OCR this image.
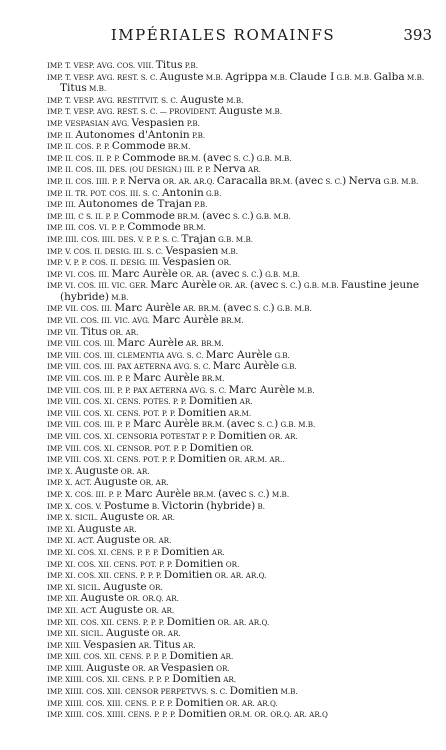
IMPÉRIALES ROMAINFS	393
IMP. T. VESP. AVG. COS. VIII. Titus P.B.
IMP. T. VESP. AVG. REST. S. C. Auguste M.B. Agrippa M.B. Claude I G.B. M.B. Galba M.B. Titus M.B.
IMP. T. VESP. AVG. RESTITVIT. S. C. Auguste M.B.
IMP. T. VESP. AVG. REST. S. C. — PROVIDENT. Auguste M.B.
IMP. VESPASIAN AVG. Vespasien P.B.
IMP. II. Autonomes d'Antonin P.B.
IMP. II. COS. P. P. Commode BR.M.
IMP. II. COS. II. P. P. Commode BR.M. (avec S. C.) G.B. M.B.
IMP. II. COS. III. DES. (OU DESIGN.) III. P. P. Nerva AR.
IMP. II. COS. IIII. P. P. Nerva OR. AR. AR.Q. Caracalla BR.M. (avec S. C.) Nerva G.B. M.B.
IMP. II. TR. POT. COS. III. S. C. Antonin G.B.
IMP. III. Autonomes de Trajan P.B.
IMP. III. C S. II. P. P. Commode BR.M. (avec S. C.) G.B. M.B.
IMP. III. COS. VI. P. P. Commode BR.M.
IMP. IIII. COS. IIII. DES. V. P. P. S. C. Trajan G.B. M.B.
IMP. V. COS. II. DESIG. III. S. C. Vespasien M.B.
IMP. V. P. P. COS. II. DESIG. III. Vespasien OR.
IMP. VI. COS. III. Marc Aurèle OR. AR. (avec S. C.) G.B. M.B.
IMP. VI. COS. III. VIC. GER. Marc Aurèle OR. AR. (avec S. C.) G.B. M.B. Faustine jeune (hybride) M.B.
IMP. VII. COS. III. Marc Aurèle AR. BR.M. (avec S. C.) G.B. M.B.
IMP. VII. COS. III. VIC. AVG. Marc Aurèle BR.M.
IMP. VII. Titus OR. AR.
IMP. VIII. COS. III. Marc Aurèle AR. BR.M.
IMP. VIII. COS. III. CLEMENTIA AVG. S. C. Marc Aurèle G.B.
IMP. VIII. COS. III. PAX AETERNA AVG. S. C. Marc Aurèle G.B.
IMP. VIII. COS. III. P. P. Marc Aurèle BR.M.
IMP. VIII. COS. III. P. P. PAX AETERNA AVG. S. C. Marc Aurèle M.B.
IMP. VIII. COS. XI. CENS. POTES. P. P. Domitien AR.
IMP. VIII. COS. XI. CENS. POT. P. P. Domitien AR.M.
IMP. VIII. COS. III. P. P. Marc Aurèle BR.M. (avec S. C.) G.B. M.B.
IMP. VIII. COS. XI. CENSORIA POTESTAT P. P. Domitien OR. AR.
IMP. VIII. COS. XI. CENSOR. POT. P. P. Domitien OR.
IMP. VIII. COS. XI. CENS. POT. P. P. Domitien OR. AR.M. AR..
IMP. X. Auguste OR. AR.
IMP. X. ACT. Auguste OR. AR.
IMP. X. COS. III. P. P. Marc Aurèle BR.M. (avec S. C.) M.B.
IMP. X. COS. V. Postume B. Victorin (hybride) B.
IMP. X. SICIL. Auguste OR. AR.
IMP. XI. Auguste AR.
IMP. XI. ACT. Auguste OR. AR.
IMP. XI. COS. XI. CENS. P. P. P. Domitien AR.
IMP. XI. COS. XII. CENS. POT. P. P. Domitien OR.
IMP. XI. COS. XII. CENS. P. P. P. Domitien OR. AR. AR.Q.
IMP. XI. SICIL. Auguste OR.
IMP. XII. Auguste OR. OR.Q. AR.
IMP. XII. ACT. Auguste OR. AR.
IMP. XII. COS. XII. CENS. P. P. P. Domitien OR. AR. AR.Q.
IMP. XII. SICIL. Auguste OR. AR.
IMP. XIII. Vespasien AR. Titus AR.
IMP. XIII. COS. XII. CENS. P. P. P. Domitien AR.
IMP. XIIII. Auguste OR. AR Vespasien OR.
IMP. XIIII. COS. XII. CENS. P. P. P. Domitien AR.
IMP. XIIII. COS. XIII. CENSOR PERPETVVS. S. C. Domitien M.B.
IMP. XIIII. COS. XIII. CENS. P. P. P. Domitien OR. AR. AR.Q.
IMP. XIIII. COS. XIIII. CENS. P. P. P. Domitien OR.M. OR. OR.Q. AR. AR.Q
